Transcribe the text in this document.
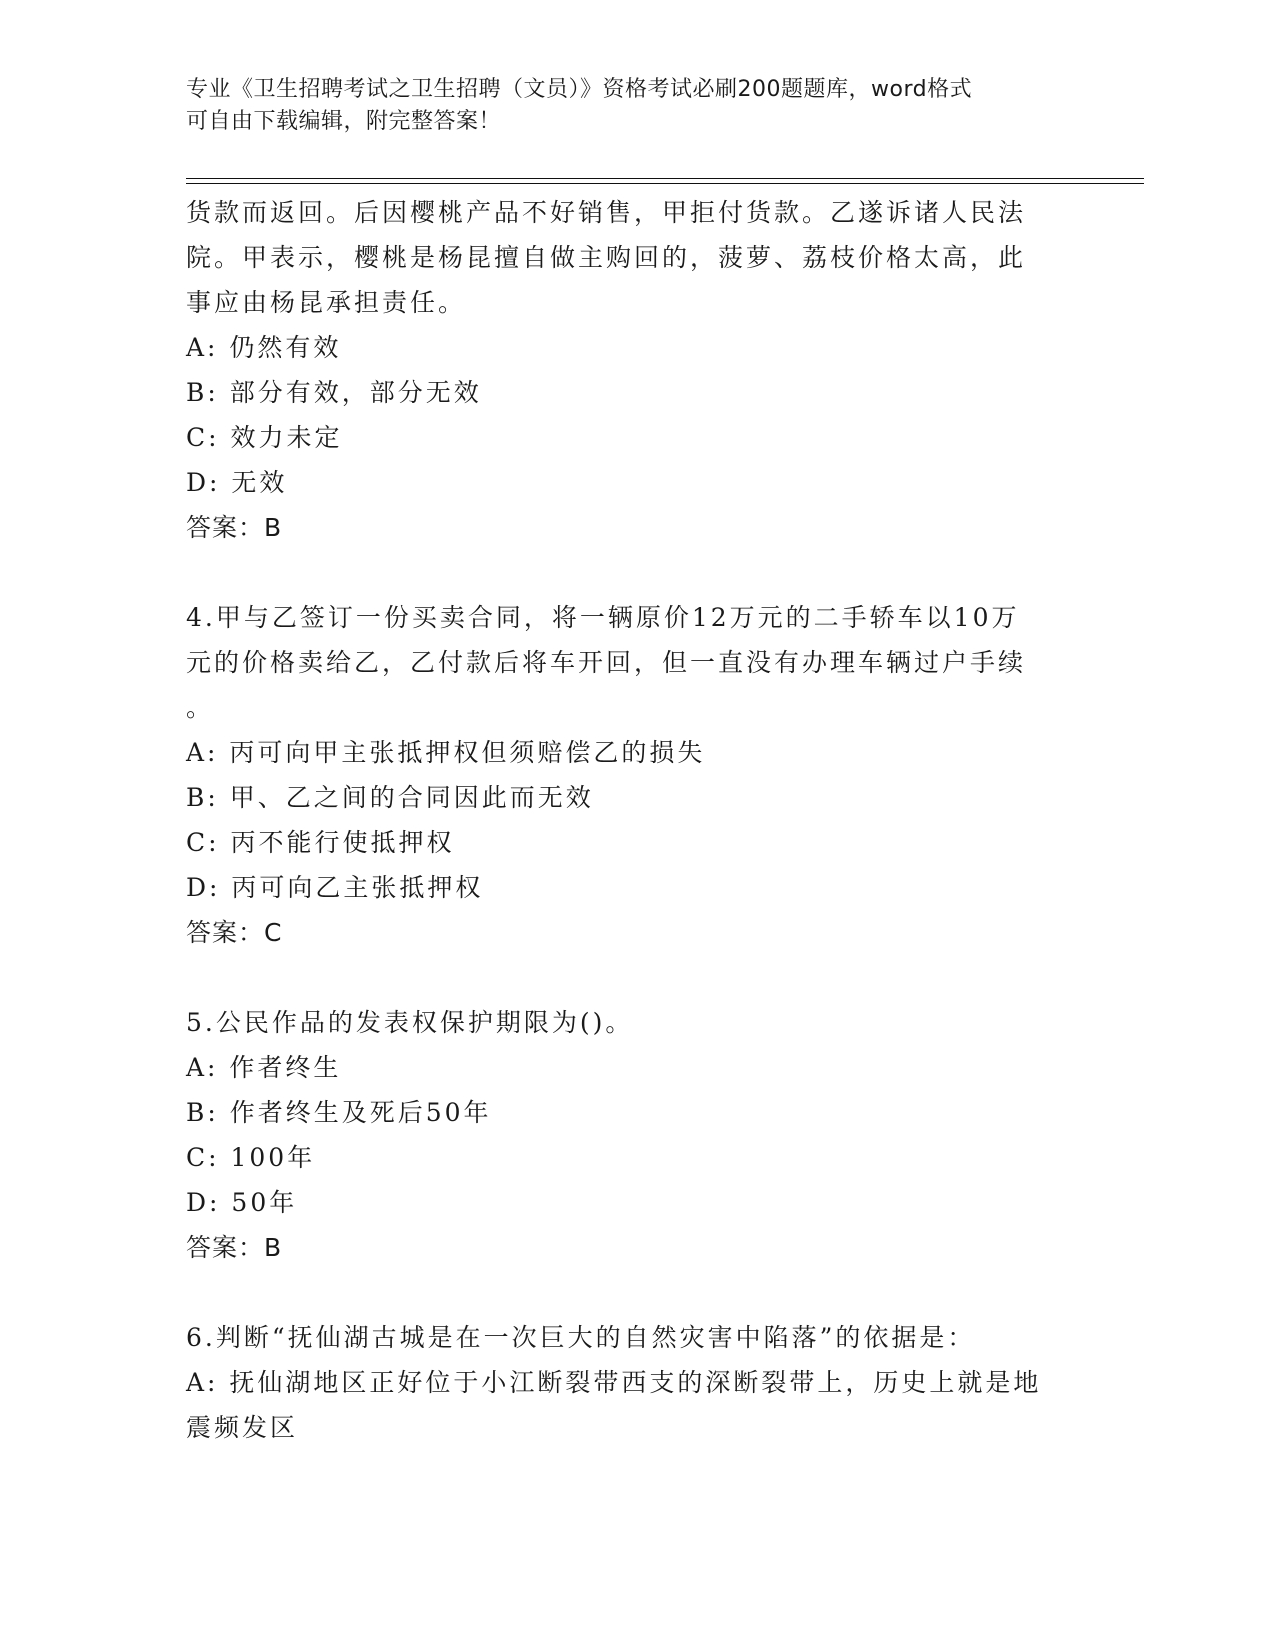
专业《卫生招聘考试之卫生招聘（文员）》资格考试必刷200题题库，word格式
可自由下载编辑，附完整答案！
货款而返回。后因樱桃产品不好销售，甲拒付货款。乙遂诉诸人民法
院。甲表示，樱桃是杨昆擅自做主购回的，菠萝、荔枝价格太高，此
事应由杨昆承担责任。
A: 仍然有效
B: 部分有效，部分无效
C: 效力未定
D: 无效
答案：B
4.甲与乙签订一份买卖合同，将一辆原价12万元的二手轿车以10万
元的价格卖给乙，乙付款后将车开回，但一直没有办理车辆过户手续
。
A: 丙可向甲主张抵押权但须赔偿乙的损失
B: 甲、乙之间的合同因此而无效
C: 丙不能行使抵押权
D: 丙可向乙主张抵押权
答案：C
5.公民作品的发表权保护期限为()。
A: 作者终生
B: 作者终生及死后50年
C: 100年
D: 50年
答案：B
6.判断“抚仙湖古城是在一次巨大的自然灾害中陷落”的依据是：
A: 抚仙湖地区正好位于小江断裂带西支的深断裂带上，历史上就是地
震频发区
